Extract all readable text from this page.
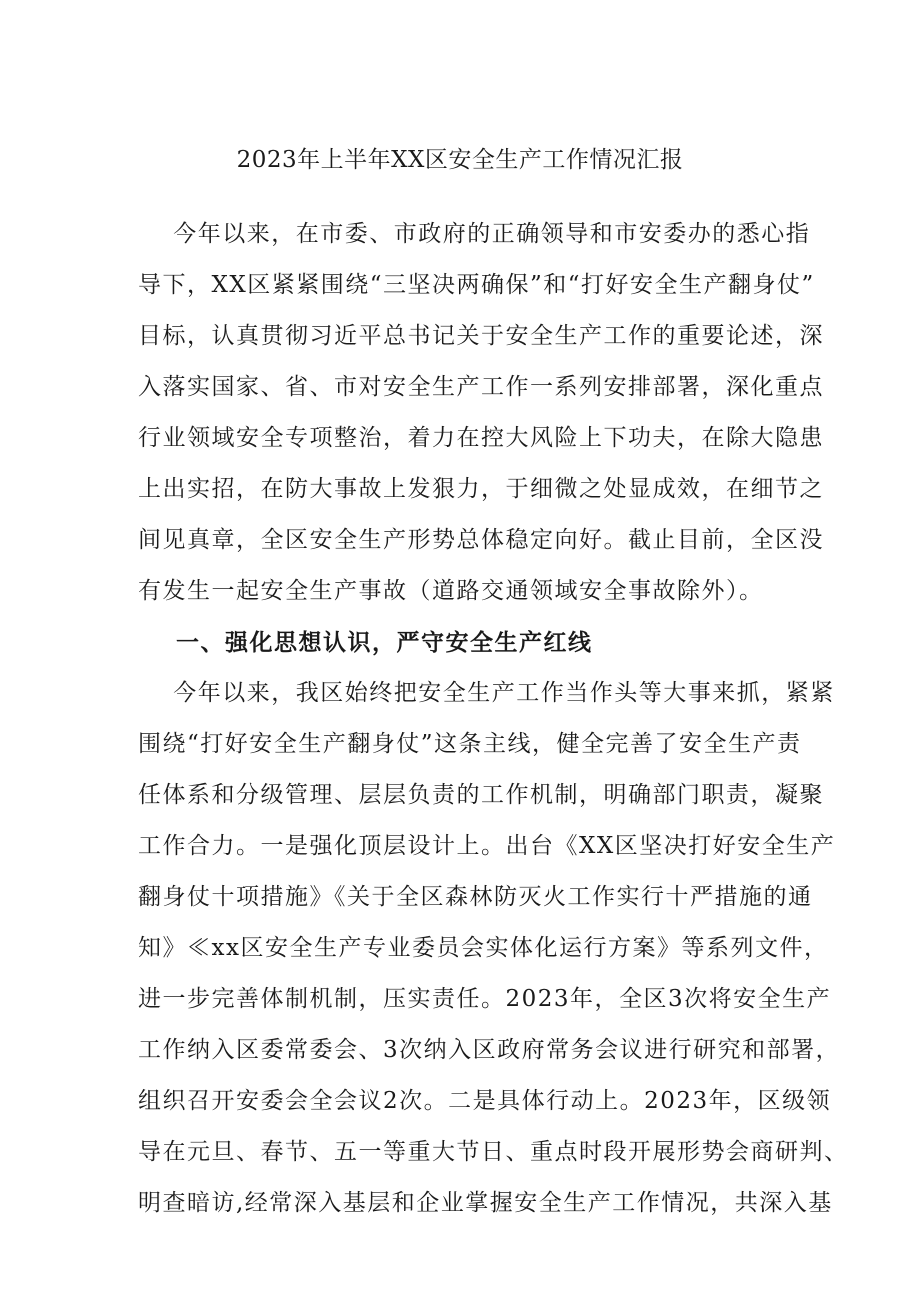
2023年上半年XX区安全生产工作情况汇报
今年以来，在市委、市政府的正确领导和市安委办的悉心指
导下，XX区紧紧围绕“三坚决两确保”和“打好安全生产翻身仗”
目标，认真贯彻习近平总书记关于安全生产工作的重要论述，深
入落实国家、省、市对安全生产工作一系列安排部署，深化重点
行业领域安全专项整治，着力在控大风险上下功夫，在除大隐患
上出实招，在防大事故上发狠力，于细微之处显成效，在细节之
间见真章，全区安全生产形势总体稳定向好。截止目前，全区没
有发生一起安全生产事故（道路交通领域安全事故除外）。
一、强化思想认识，严守安全生产红线
今年以来，我区始终把安全生产工作当作头等大事来抓，紧紧
围绕“打好安全生产翻身仗”这条主线，健全完善了安全生产责
任体系和分级管理、层层负责的工作机制，明确部门职责，凝聚
工作合力。一是强化顶层设计上。出台《XX区坚决打好安全生产
翻身仗十项措施》《关于全区森林防灭火工作实行十严措施的通
知》≪xx区安全生产专业委员会实体化运行方案》等系列文件，
进一步完善体制机制，压实责任。2023年，全区3次将安全生产
工作纳入区委常委会、3次纳入区政府常务会议进行研究和部署，
组织召开安委会全会议2次。二是具体行动上。2023年，区级领
导在元旦、春节、五一等重大节日、重点时段开展形势会商研判、
明查暗访,经常深入基层和企业掌握安全生产工作情况，共深入基
